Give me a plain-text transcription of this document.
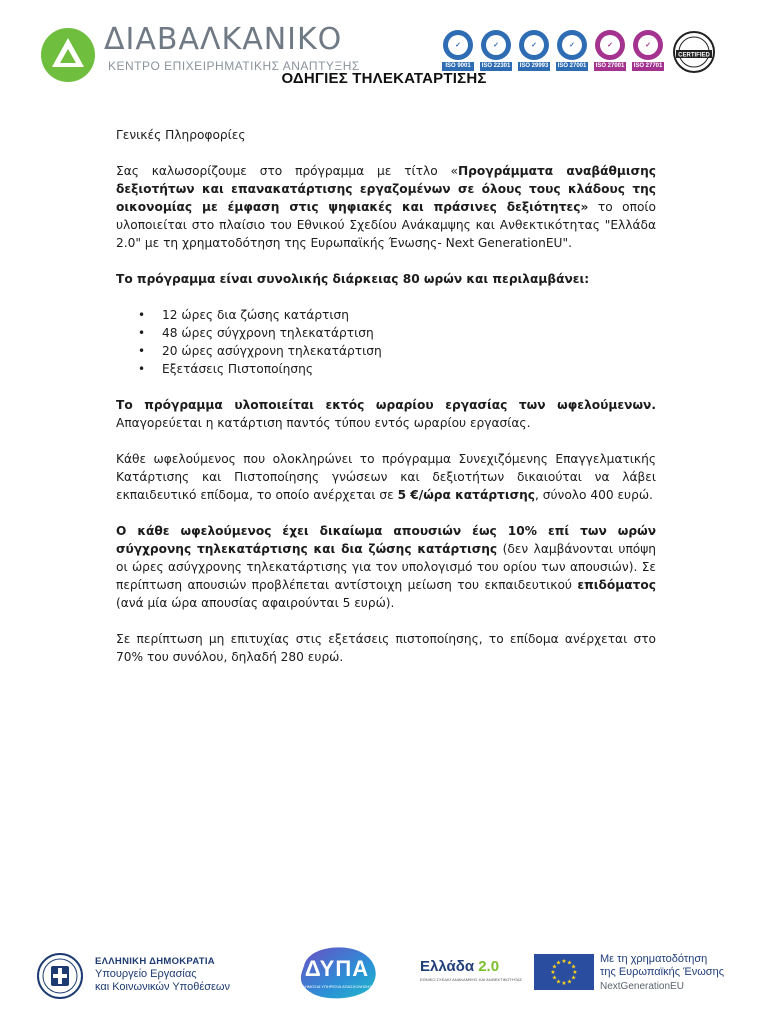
ΔΙΑΒΑΛΚΑΝΙΚΟ
ΚΕΝΤΡΟ ΕΠΙΧΕΙΡΗΜΑΤΙΚΗΣ ΑΝΑΠΤΥΞΗΣ
✓
ISO 9001
✓
ISO 22301
✓
ISO 29993
✓
ISO 27001
✓
ISO 27001
✓
ISO 27701
CERTIFIED
ΟΔΗΓΙΕΣ ΤΗΛΕΚΑΤΑΡΤΙΣΗΣ

Γενικές Πληροφορίες

Σας καλωσορίζουμε στο πρόγραμμα με τίτλο «Προγράμματα αναβάθμισης δεξιοτήτων και επανακατάρτισης εργαζομένων σε όλους τους κλάδους της οικονομίας με έμφαση στις ψηφιακές και πράσινες δεξιότητες» το οποίο υλοποιείται στο πλαίσιο του Εθνικού Σχεδίου Ανάκαμψης και Ανθεκτικότητας "Ελλάδα 2.0" με τη χρηματοδότηση της Ευρωπαϊκής Ένωσης- Next GenerationEU".

Το πρόγραμμα είναι συνολικής διάρκειας 80 ωρών και περιλαμβάνει:

• 12 ώρες δια ζώσης κατάρτιση
• 48 ώρες σύγχρονη τηλεκατάρτιση
• 20 ώρες ασύγχρονη τηλεκατάρτιση
• Εξετάσεις Πιστοποίησης

Το πρόγραμμα υλοποιείται εκτός ωραρίου εργασίας των ωφελούμενων. Απαγορεύεται η κατάρτιση παντός τύπου εντός ωραρίου εργασίας.

Κάθε ωφελούμενος που ολοκληρώνει το πρόγραμμα Συνεχιζόμενης Επαγγελματικής Κατάρτισης και Πιστοποίησης γνώσεων και δεξιοτήτων δικαιούται να λάβει εκπαιδευτικό επίδομα, το οποίο ανέρχεται σε 5 €/ώρα κατάρτισης, σύνολο 400 ευρώ.

Ο κάθε ωφελούμενος έχει δικαίωμα απουσιών έως 10% επί των ωρών σύγχρονης τηλεκατάρτισης και δια ζώσης κατάρτισης (δεν λαμβάνονται υπόψη οι ώρες ασύγχρονης τηλεκατάρτισης για τον υπολογισμό του ορίου των απουσιών). Σε περίπτωση απουσιών προβλέπεται αντίστοιχη μείωση του εκπαιδευτικού επιδόματος (ανά μία ώρα απουσίας αφαιρούνται 5 ευρώ).

Σε περίπτωση μη επιτυχίας στις εξετάσεις πιστοποίησης, το επίδομα ανέρχεται στο 70% του συνόλου, δηλαδή 280 ευρώ.

ΕΛΛΗΝΙΚΗ ΔΗΜΟΚΡΑΤΙΑ
Υπουργείο Εργασίας
και Κοινωνικών Υποθέσεων
ΔΥΠΑ
ΔΗΜΟΣΙΑ ΥΠΗΡΕΣΙΑ ΑΠΑΣΧΟΛΗΣΗΣ
Ελλάδα 2.0
ΕΘΝΙΚΟ ΣΧΕΔΙΟ ΑΝΑΚΑΜΨΗΣ ΚΑΙ ΑΝΘΕΚΤΙΚΟΤΗΤΑΣ
★
★
★
★
★
★
★
★
★ ★ ★
★
Με τη χρηματοδότηση
της Ευρωπαϊκής Ένωσης
NextGenerationEU
